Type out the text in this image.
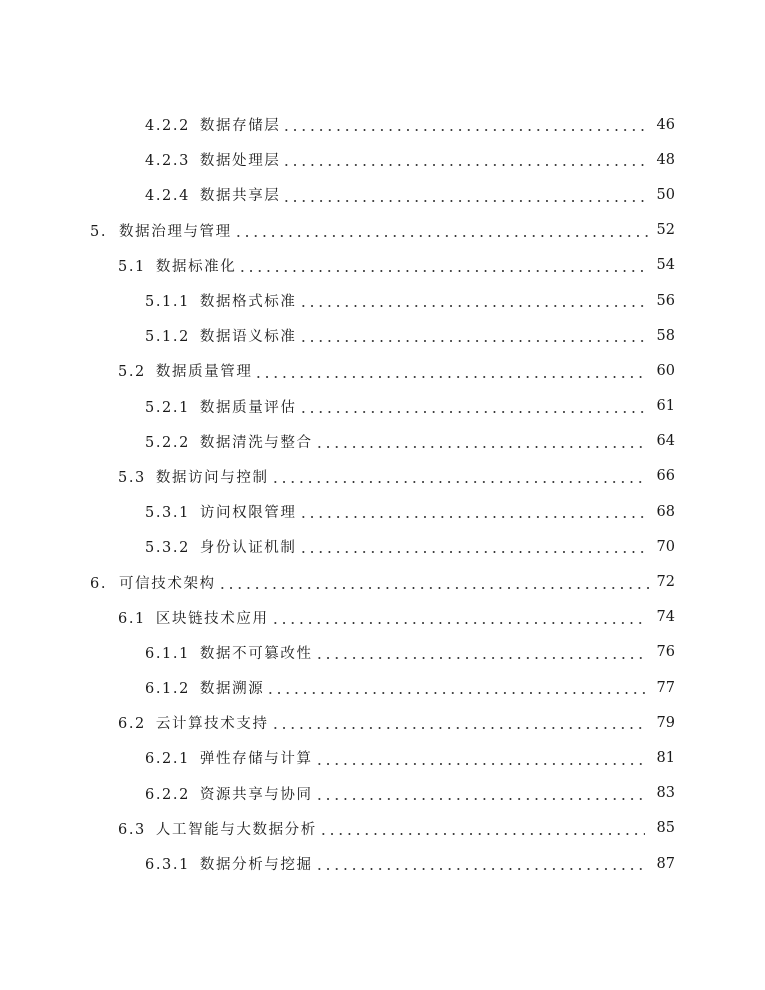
4.2.2 数据存储层	46
4.2.3 数据处理层	48
4.2.4 数据共享层	50
5. 数据治理与管理	52
5.1 数据标准化	54
5.1.1 数据格式标准	56
5.1.2 数据语义标准	58
5.2 数据质量管理	60
5.2.1 数据质量评估	61
5.2.2 数据清洗与整合	64
5.3 数据访问与控制	66
5.3.1 访问权限管理	68
5.3.2 身份认证机制	70
6. 可信技术架构	72
6.1 区块链技术应用	74
6.1.1 数据不可篡改性	76
6.1.2 数据溯源	77
6.2 云计算技术支持	79
6.2.1 弹性存储与计算	81
6.2.2 资源共享与协同	83
6.3 人工智能与大数据分析	85
6.3.1 数据分析与挖掘	87
